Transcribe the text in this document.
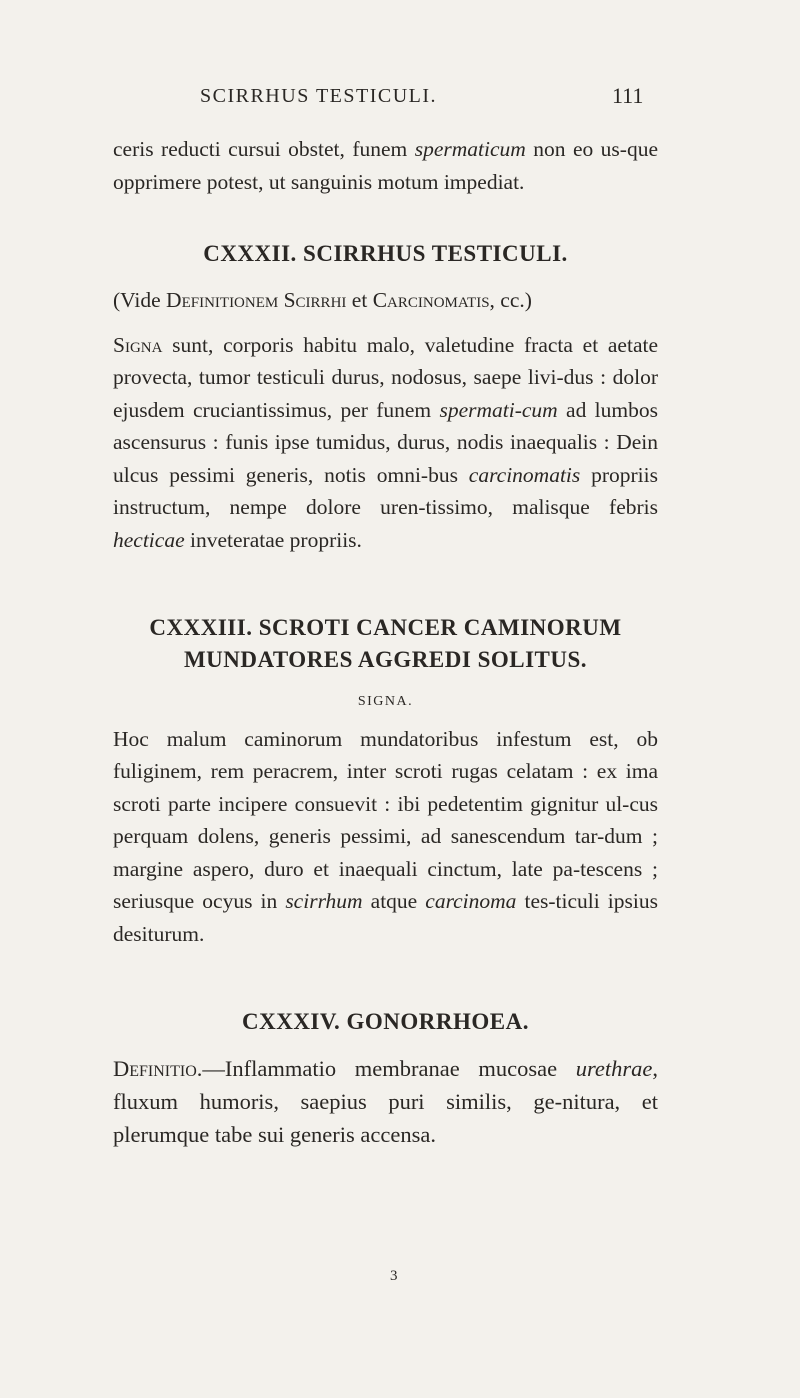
SCIRRHUS TESTICULI.	111

ceris reducti cursui obstet, funem spermaticum non eo us-que opprimere potest, ut sanguinis motum impediat.

CXXXII. SCIRRHUS TESTICULI.

(Vide Definitionem Scirrhi et Carcinomatis, cc.)

Signa sunt, corporis habitu malo, valetudine fracta et aetate provecta, tumor testiculi durus, nodosus, saepe livi-dus : dolor ejusdem cruciantissimus, per funem spermati-cum ad lumbos ascensurus : funis ipse tumidus, durus, nodis inaequalis : Dein ulcus pessimi generis, notis omni-bus carcinomatis propriis instructum, nempe dolore uren-tissimo, malisque febris hecticae inveteratae propriis.

CXXXIII. SCROTI CANCER CAMINORUM
MUNDATORES AGGREDI SOLITUS.
SIGNA.

Hoc malum caminorum mundatoribus infestum est, ob fuliginem, rem peracrem, inter scroti rugas celatam : ex ima scroti parte incipere consuevit : ibi pedetentim gignitur ul-cus perquam dolens, generis pessimi, ad sanescendum tar-dum ; margine aspero, duro et inaequali cinctum, late pa-tescens ; seriusque ocyus in scirrhum atque carcinoma tes-ticuli ipsius desiturum.

CXXXIV. GONORRHOEA.

Definitio.—Inflammatio membranae mucosae urethrae, fluxum humoris, saepius puri similis, ge-nitura, et plerumque tabe sui generis accensa.

3
